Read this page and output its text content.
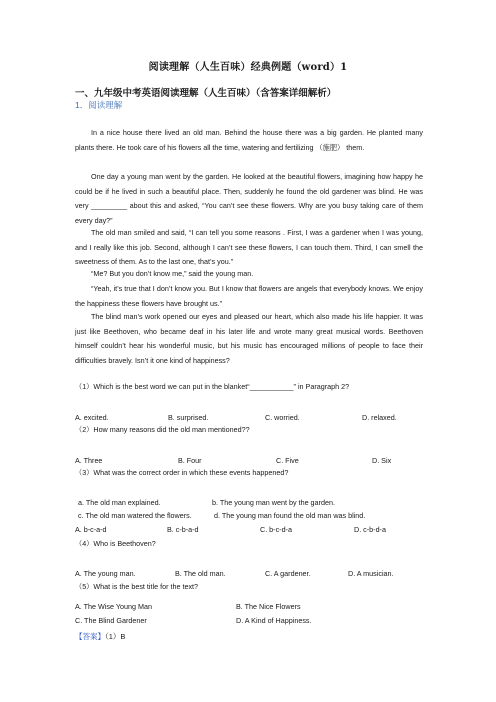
阅读理解（人生百味）经典例题（word）1
一、九年级中考英语阅读理解（人生百味）（含答案详细解析）
1．阅读理解
In a nice house there lived an old man. Behind the house there was a big garden. He planted many plants there. He took care of his flowers all the time, watering and fertilizing （施肥） them.
One day a young man went by the garden. He looked at the beautiful flowers, imagining how happy he could be if he lived in such a beautiful place. Then, suddenly he found the old gardener was blind. He was very _________ about this and asked, “You can’t see these flowers. Why are you busy taking care of them every day?”
The old man smiled and said, “I can tell you some reasons . First, I was a gardener when I was young, and I really like this job. Second, although I can’t see these flowers, I can touch them. Third, I can smell the sweetness of them. As to the last one, that’s you.”
“Me? But you don’t know me,” said the young man.
“Yeah, it’s true that I don’t know you. But I know that flowers are angels that everybody knows. We enjoy the happiness these flowers have brought us.”
The blind man’s work opened our eyes and pleased our heart, which also made his life happier. It was just like Beethoven, who became deaf in his later life and wrote many great musical words. Beethoven himself couldn’t hear his wonderful music, but his music has encouraged millions of people to face their difficulties bravely. Isn’t it one kind of happiness?
（1）Which is the best word we can put in the blanket“___________” in Paragraph 2?
A. excited.	B. surprised.	C. worried.	D. relaxed.
（2）How many reasons did the old man mentioned??
A. Three	B. Four	C. Five	D. Six
（3）What was the correct order in which these events happened?
a. The old man explained.	b. The young man went by the garden.
c. The old man watered the flowers.	d. The young man found the old man was blind.
A. b-c-a-d	B. c-b-a-d	C. b-c-d-a	D. c-b-d-a
（4）Who is Beethoven?
A. The young man.	B. The old man.	C. A gardener.	D. A musician.
（5）What is the best title for the text?
A. The Wise Young Man	B. The Nice Flowers
C. The Blind Gardener	D. A Kind of Happiness.
【答案】（1）B
